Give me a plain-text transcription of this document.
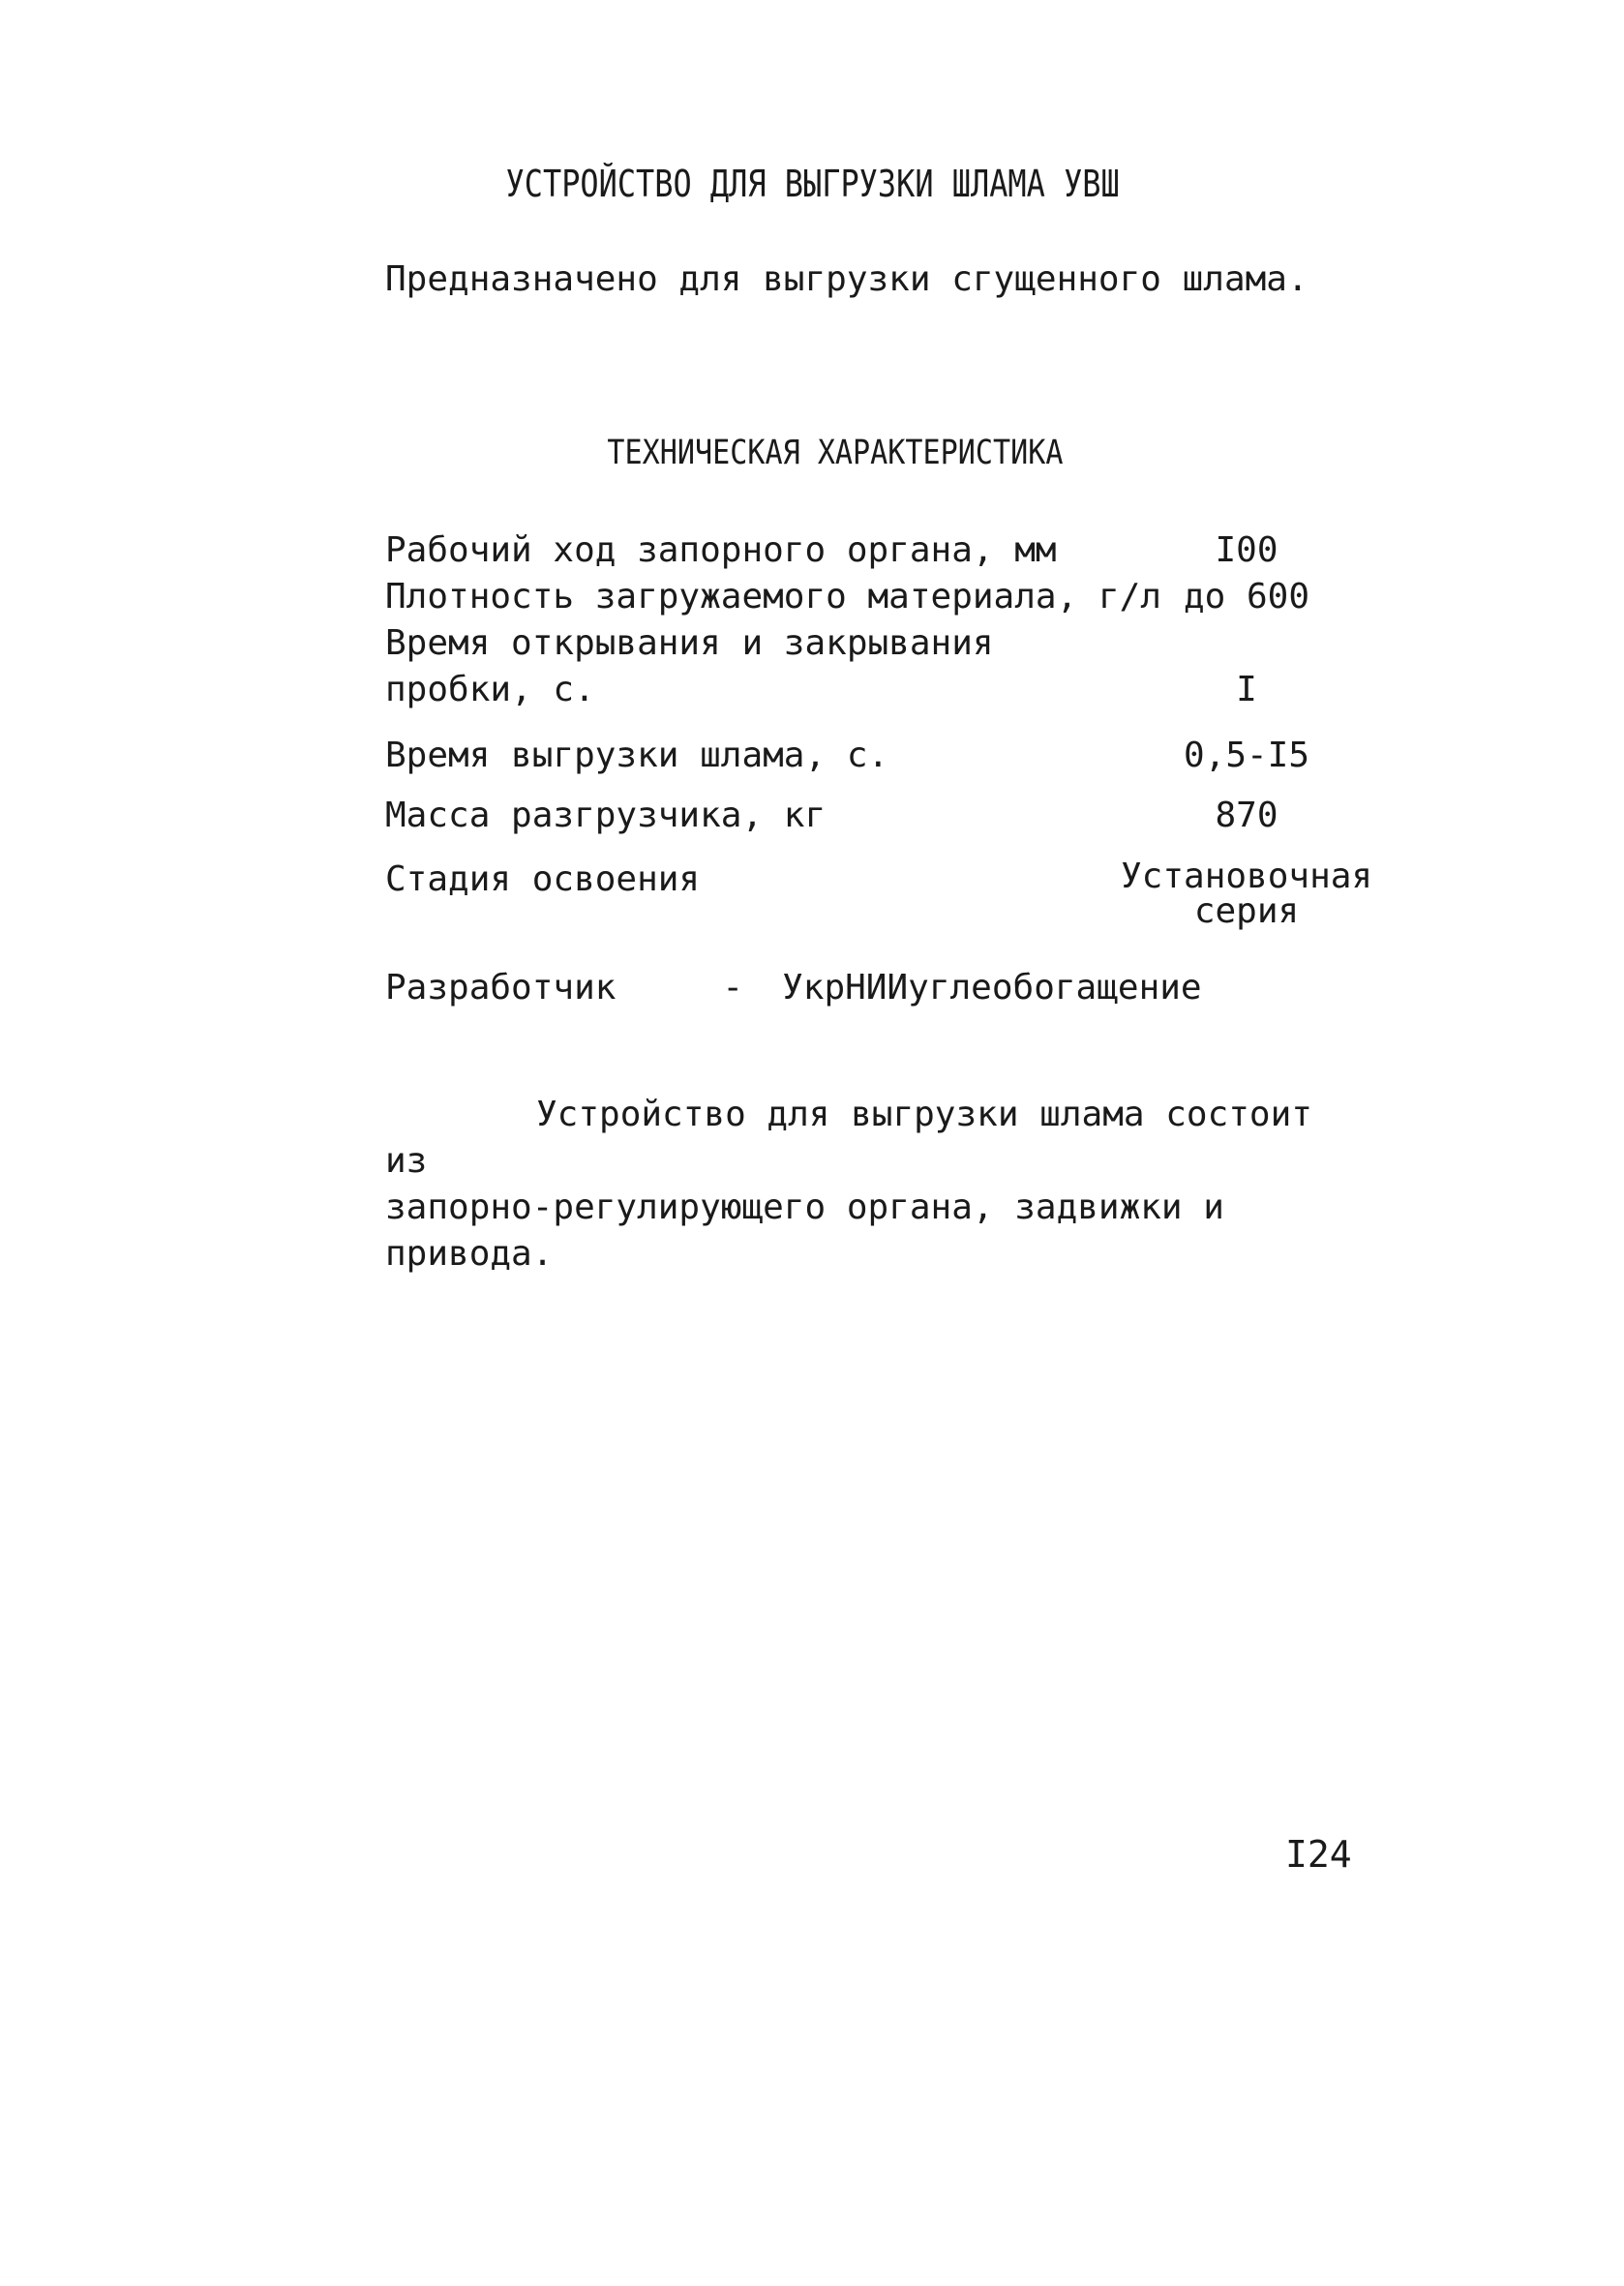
УСТРОЙСТВО ДЛЯ ВЫГРУЗКИ ШЛАМА УВШ
Предназначено для выгрузки сгущенного шлама.
ТЕХНИЧЕСКАЯ ХАРАКТЕРИСТИКА
Рабочий ход запорного органа, мм	I00
Плотность загружаемого материала, г/л до 600
Время открывания и закрывания
пробки, с.	I
Время выгрузки шлама, с.	0,5-I5
Масса разгрузчика, кг	870
Стадия освоения	Установочная
серия
Разработчик	- УкрНИИуглеобогащение
Устройство для выгрузки шлама состоит из
запорно-регулирующего органа, задвижки и привода.
I24
